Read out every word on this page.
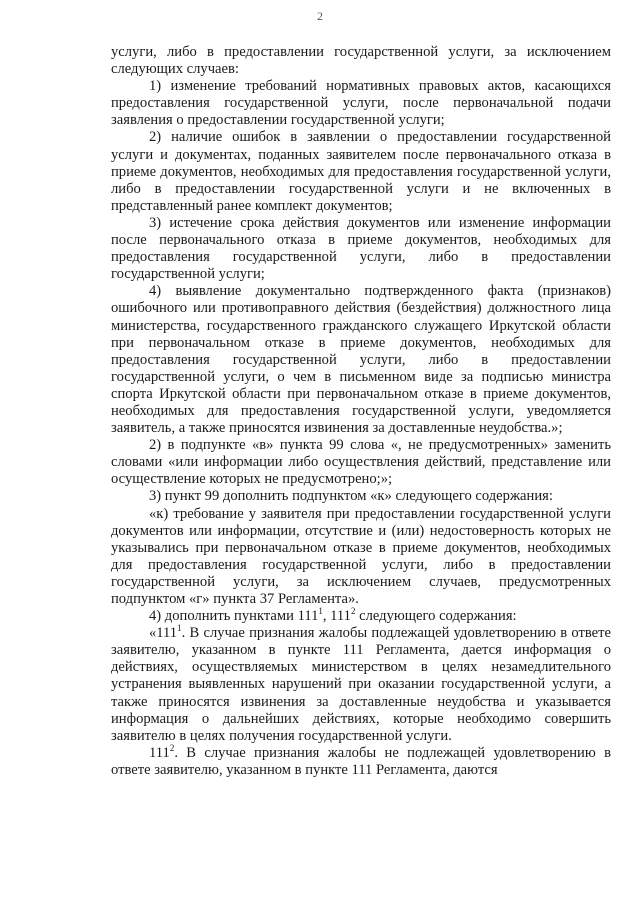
2

услуги, либо в предоставлении государственной услуги, за исключением следующих случаев:

1) изменение требований нормативных правовых актов, касающихся предоставления государственной услуги, после первоначальной подачи заявления о предоставлении государственной услуги;

2) наличие ошибок в заявлении о предоставлении государственной услуги и документах, поданных заявителем после первоначального отказа в приеме документов, необходимых для предоставления государственной услуги, либо в предоставлении государственной услуги и не включенных в представленный ранее комплект документов;

3) истечение срока действия документов или изменение информации после первоначального отказа в приеме документов, необходимых для предоставления государственной услуги, либо в предоставлении государственной услуги;

4) выявление документально подтвержденного факта (признаков) ошибочного или противоправного действия (бездействия) должностного лица министерства, государственного гражданского служащего Иркутской области при первоначальном отказе в приеме документов, необходимых для предоставления государственной услуги, либо в предоставлении государственной услуги, о чем в письменном виде за подписью министра спорта Иркутской области при первоначальном отказе в приеме документов, необходимых для предоставления государственной услуги, уведомляется заявитель, а также приносятся извинения за доставленные неудобства.»;

2) в подпункте «в» пункта 99 слова «, не предусмотренных» заменить словами «или информации либо осуществления действий, представление или осуществление которых не предусмотрено;»;

3) пункт 99 дополнить подпунктом «к» следующего содержания:

«к) требование у заявителя при предоставлении государственной услуги документов или информации, отсутствие и (или) недостоверность которых не указывались при первоначальном отказе в приеме документов, необходимых для предоставления государственной услуги, либо в предоставлении государственной услуги, за исключением случаев, предусмотренных подпунктом «г» пункта 37 Регламента».

4) дополнить пунктами $111^1$, $111^2$ следующего содержания:

«$111^1$. В случае признания жалобы подлежащей удовлетворению в ответе заявителю, указанном в пункте 111 Регламента, дается информация о действиях, осуществляемых министерством в целях незамедлительного устранения выявленных нарушений при оказании государственной услуги, а также приносятся извинения за доставленные неудобства и указывается информация о дальнейших действиях, которые необходимо совершить заявителю в целях получения государственной услуги.

$111^2$. В случае признания жалобы не подлежащей удовлетворению в ответе заявителю, указанном в пункте 111 Регламента, даются
